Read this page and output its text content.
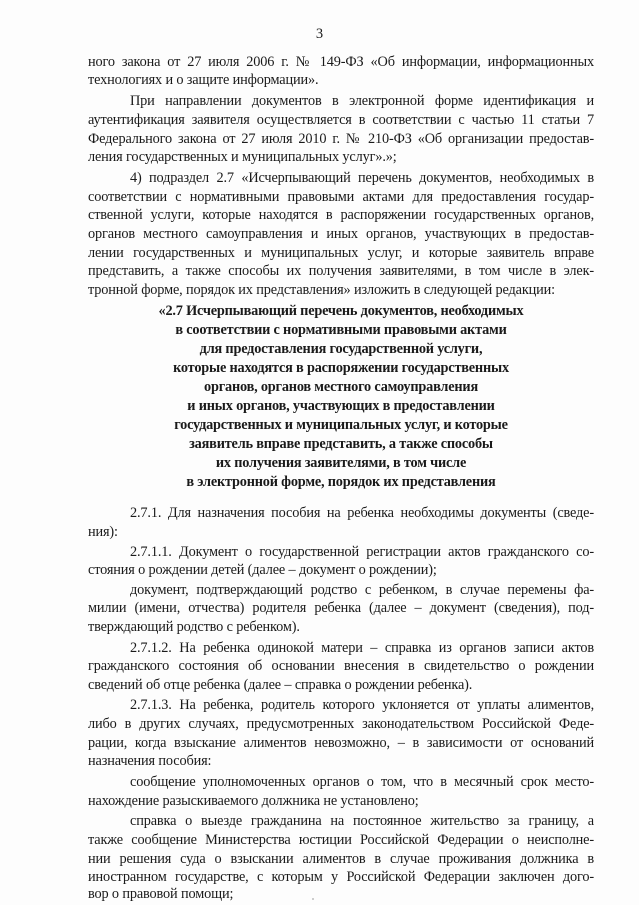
3
ного закона от 27 июля 2006 г. № 149-ФЗ «Об информации, информационных
технологиях и о защите информации».
При направлении документов в электронной форме идентификация и
аутентификация заявителя осуществляется в соответствии с частью 11 статьи 7
Федерального закона от 27 июля 2010 г. № 210-ФЗ «Об организации предостав-
ления государственных и муниципальных услуг».»;
4) подраздел 2.7 «Исчерпывающий перечень документов, необходимых в
соответствии с нормативными правовыми актами для предоставления государ-
ственной услуги, которые находятся в распоряжении государственных органов,
органов местного самоуправления и иных органов, участвующих в предостав-
лении государственных и муниципальных услуг, и которые заявитель вправе
представить, а также способы их получения заявителями, в том числе в элек-
тронной форме, порядок их представления» изложить в следующей редакции:
«2.7 Исчерпывающий перечень документов, необходимых
в соответствии с нормативными правовыми актами
для предоставления государственной услуги,
которые находятся в распоряжении государственных
органов, органов местного самоуправления
и иных органов, участвующих в предоставлении
государственных и муниципальных услуг, и которые
заявитель вправе представить, а также способы
их получения заявителями, в том числе
в электронной форме, порядок их представления
2.7.1. Для назначения пособия на ребенка необходимы документы (сведе-
ния):
2.7.1.1. Документ о государственной регистрации актов гражданского со-
стояния о рождении детей (далее – документ о рождении);
документ, подтверждающий родство с ребенком, в случае перемены фа-
милии (имени, отчества) родителя ребенка (далее – документ (сведения), под-
тверждающий родство с ребенком).
2.7.1.2. На ребенка одинокой матери – справка из органов записи актов
гражданского состояния об основании внесения в свидетельство о рождении
сведений об отце ребенка (далее – справка о рождении ребенка).
2.7.1.3. На ребенка, родитель которого уклоняется от уплаты алиментов,
либо в других случаях, предусмотренных законодательством Российской Феде-
рации, когда взыскание алиментов невозможно, – в зависимости от оснований
назначения пособия:
сообщение уполномоченных органов о том, что в месячный срок место-
нахождение разыскиваемого должника не установлено;
справка о выезде гражданина на постоянное жительство за границу, а
также сообщение Министерства юстиции Российской Федерации о неисполне-
нии решения суда о взыскании алиментов в случае проживания должника в
иностранном государстве, с которым у Российской Федерации заключен дого-
вор о правовой помощи;
